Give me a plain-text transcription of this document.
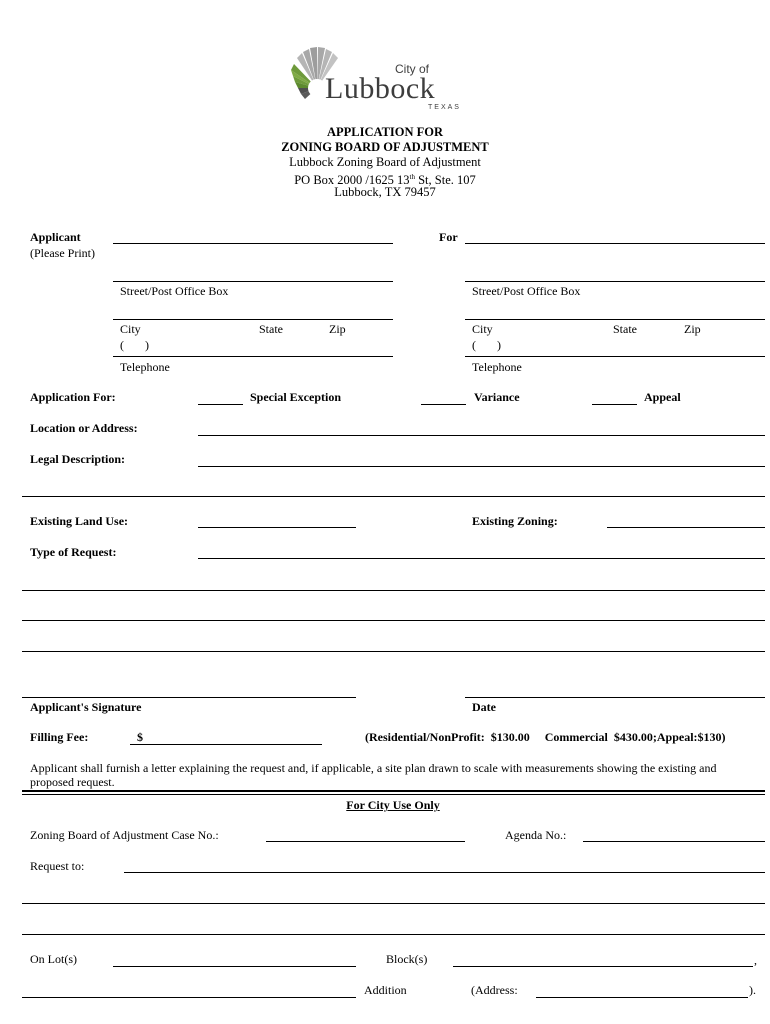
City of
Lubbock
TEXAS
APPLICATION FOR
ZONING BOARD OF ADJUSTMENT
Lubbock Zoning Board of Adjustment
PO Box 2000 /1625 13th St, Ste. 107
Lubbock, TX 79457
Applicant
(Please Print)
For
Street/Post Office Box	Street/Post Office Box
City	State	Zip	City	State	Zip
(       )
Telephone
(       )
Telephone
Application For:	Special Exception	Variance	Appeal
Location or Address:
Legal Description:
Existing Land Use:	Existing Zoning:
Type of Request:
Applicant's Signature	Date
Filling Fee:	$	(Residential/NonProfit:  $130.00     Commercial  $430.00;Appeal:$130)
Applicant shall furnish a letter explaining the request and, if applicable, a site plan drawn to scale with measurements showing the existing and proposed request.
For City Use Only
Zoning Board of Adjustment Case No.:	Agenda No.:
Request to:
On Lot(s)	Block(s)	,
Addition	(Address:	).
